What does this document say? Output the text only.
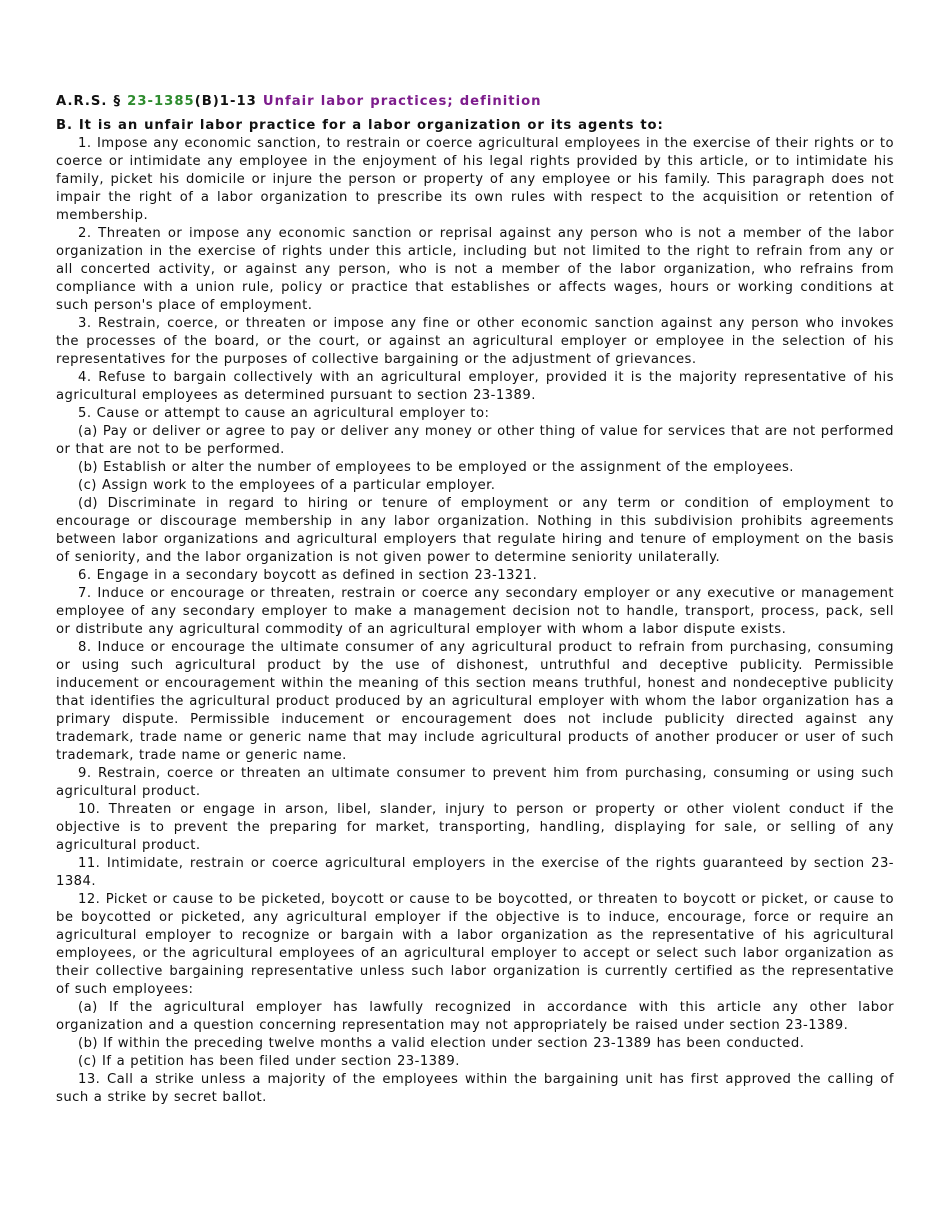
A.R.S. § 23-1385(B)1-13 Unfair labor practices; definition

B. It is an unfair labor practice for a labor organization or its agents to:

1. Impose any economic sanction, to restrain or coerce agricultural employees in the exercise of their rights or to coerce or intimidate any employee in the enjoyment of his legal rights provided by this article, or to intimidate his family, picket his domicile or injure the person or property of any employee or his family. This paragraph does not impair the right of a labor organization to prescribe its own rules with respect to the acquisition or retention of membership.

2. Threaten or impose any economic sanction or reprisal against any person who is not a member of the labor organization in the exercise of rights under this article, including but not limited to the right to refrain from any or all concerted activity, or against any person, who is not a member of the labor organization, who refrains from compliance with a union rule, policy or practice that establishes or affects wages, hours or working conditions at such person's place of employment.

3. Restrain, coerce, or threaten or impose any fine or other economic sanction against any person who invokes the processes of the board, or the court, or against an agricultural employer or employee in the selection of his representatives for the purposes of collective bargaining or the adjustment of grievances.

4. Refuse to bargain collectively with an agricultural employer, provided it is the majority representative of his agricultural employees as determined pursuant to section 23-1389.

5. Cause or attempt to cause an agricultural employer to:

(a) Pay or deliver or agree to pay or deliver any money or other thing of value for services that are not performed or that are not to be performed.

(b) Establish or alter the number of employees to be employed or the assignment of the employees.

(c) Assign work to the employees of a particular employer.

(d) Discriminate in regard to hiring or tenure of employment or any term or condition of employment to encourage or discourage membership in any labor organization. Nothing in this subdivision prohibits agreements between labor organizations and agricultural employers that regulate hiring and tenure of employment on the basis of seniority, and the labor organization is not given power to determine seniority unilaterally.

6. Engage in a secondary boycott as defined in section 23-1321.

7. Induce or encourage or threaten, restrain or coerce any secondary employer or any executive or management employee of any secondary employer to make a management decision not to handle, transport, process, pack, sell or distribute any agricultural commodity of an agricultural employer with whom a labor dispute exists.

8. Induce or encourage the ultimate consumer of any agricultural product to refrain from purchasing, consuming or using such agricultural product by the use of dishonest, untruthful and deceptive publicity. Permissible inducement or encouragement within the meaning of this section means truthful, honest and nondeceptive publicity that identifies the agricultural product produced by an agricultural employer with whom the labor organization has a primary dispute. Permissible inducement or encouragement does not include publicity directed against any trademark, trade name or generic name that may include agricultural products of another producer or user of such trademark, trade name or generic name.

9. Restrain, coerce or threaten an ultimate consumer to prevent him from purchasing, consuming or using such agricultural product.

10. Threaten or engage in arson, libel, slander, injury to person or property or other violent conduct if the objective is to prevent the preparing for market, transporting, handling, displaying for sale, or selling of any agricultural product.

11. Intimidate, restrain or coerce agricultural employers in the exercise of the rights guaranteed by section 23-1384.

12. Picket or cause to be picketed, boycott or cause to be boycotted, or threaten to boycott or picket, or cause to be boycotted or picketed, any agricultural employer if the objective is to induce, encourage, force or require an agricultural employer to recognize or bargain with a labor organization as the representative of his agricultural employees, or the agricultural employees of an agricultural employer to accept or select such labor organization as their collective bargaining representative unless such labor organization is currently certified as the representative of such employees:

(a) If the agricultural employer has lawfully recognized in accordance with this article any other labor organization and a question concerning representation may not appropriately be raised under section 23-1389.

(b) If within the preceding twelve months a valid election under section 23-1389 has been conducted.

(c) If a petition has been filed under section 23-1389.

13. Call a strike unless a majority of the employees within the bargaining unit has first approved the calling of such a strike by secret ballot.
